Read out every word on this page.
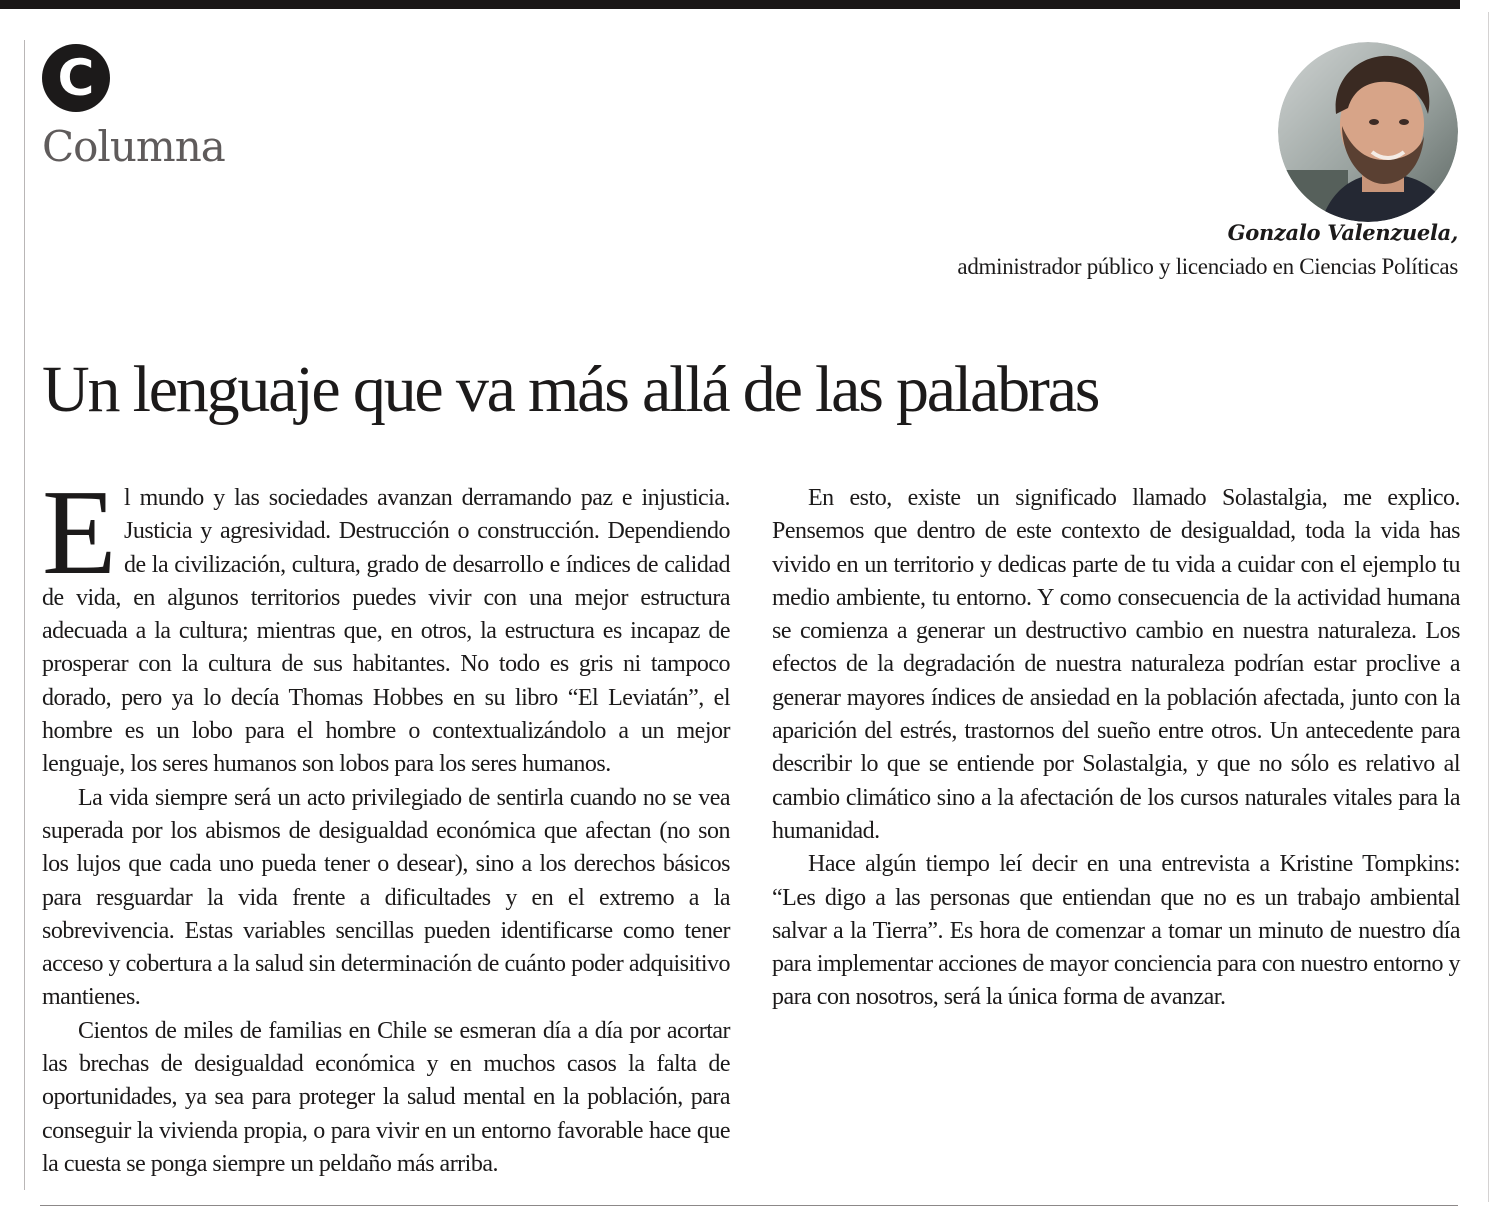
C
Columna
Gonzalo Valenzuela,
administrador público y licenciado en Ciencias Políticas
Un lenguaje que va más allá de las palabras

El mundo y las sociedades avanzan derramando paz e injusticia. Justicia y agresividad. Destrucción o construcción. Dependiendo de la civilización, cultura, grado de desarrollo e índices de calidad de vida, en algunos territorios puedes vivir con una mejor estructura adecuada a la cultura; mientras que, en otros, la estructura es incapaz de prosperar con la cultura de sus habitantes. No todo es gris ni tampoco dorado, pero ya lo decía Thomas Hobbes en su libro “El Leviatán”, el hombre es un lobo para el hombre o contextualizándolo a un mejor lenguaje, los seres humanos son lobos para los seres humanos.

La vida siempre será un acto privilegiado de sentirla cuando no se vea superada por los abismos de desigualdad económica que afectan (no son los lujos que cada uno pueda tener o desear), sino a los derechos básicos para resguardar la vida frente a dificultades y en el extremo a la sobrevivencia. Estas variables sencillas pueden identificarse como tener acceso y cobertura a la salud sin determinación de cuánto poder adquisitivo mantienes.

Cientos de miles de familias en Chile se esmeran día a día por acortar las brechas de desigualdad económica y en muchos casos la falta de oportunidades, ya sea para proteger la salud mental en la población, para conseguir la vivienda propia, o para vivir en un entorno favorable hace que la cuesta se ponga siempre un peldaño más arriba.

En esto, existe un significado llamado Solastalgia, me explico. Pensemos que dentro de este contexto de desigualdad, toda la vida has vivido en un territorio y dedicas parte de tu vida a cuidar con el ejemplo tu medio ambiente, tu entorno. Y como consecuencia de la actividad humana se comienza a generar un destructivo cambio en nuestra naturaleza. Los efectos de la degradación de nuestra naturaleza podrían estar proclive a generar mayores índices de ansiedad en la población afectada, junto con la aparición del estrés, trastornos del sueño entre otros. Un antecedente para describir lo que se entiende por Solastalgia, y que no sólo es relativo al cambio climático sino a la afectación de los cursos naturales vitales para la humanidad.

Hace algún tiempo leí decir en una entrevista a Kristine Tompkins: “Les digo a las personas que entiendan que no es un trabajo ambiental salvar a la Tierra”. Es hora de comenzar a tomar un minuto de nuestro día para implementar acciones de mayor conciencia para con nuestro entorno y para con nosotros, será la única forma de avanzar.
